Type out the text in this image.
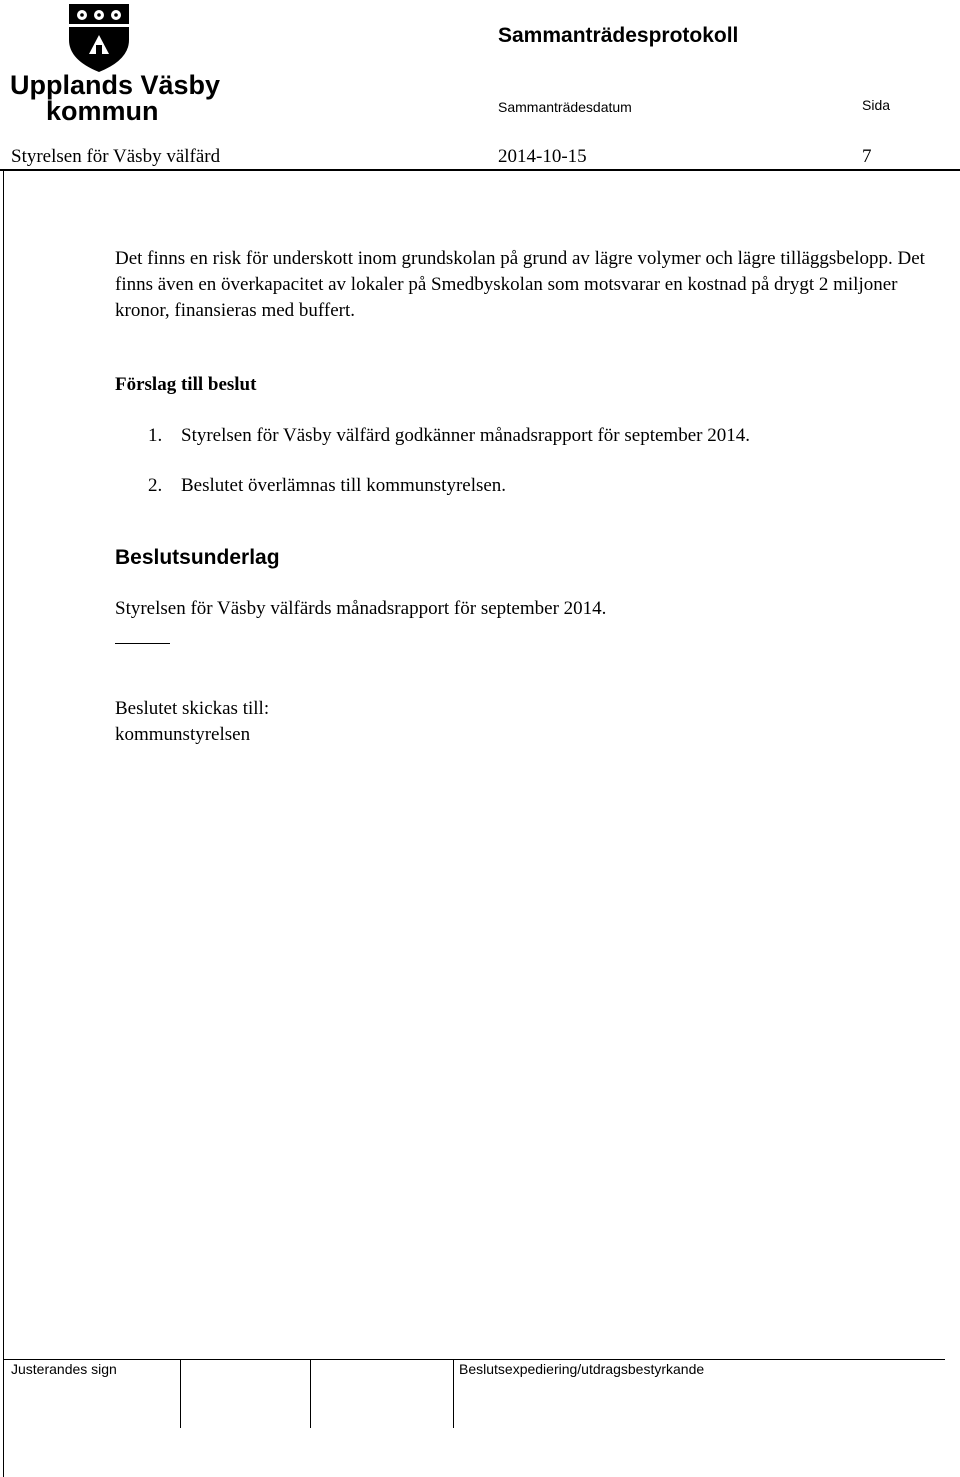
Upplands Väsby
kommun
Sammanträdesprotokoll
Sammanträdesdatum	Sida
Styrelsen för Väsby välfärd	2014-10-15	7
Det finns en risk för underskott inom grundskolan på grund av lägre volymer och lägre tilläggsbelopp. Det finns även en överkapacitet av lokaler på Smedbyskolan som motsvarar en kostnad på drygt 2 miljoner kronor, finansieras med buffert.
Förslag till beslut
1. Styrelsen för Väsby välfärd godkänner månadsrapport för september 2014.
2. Beslutet överlämnas till kommunstyrelsen.
Beslutsunderlag
Styrelsen för Väsby välfärds månadsrapport för september 2014.
Beslutet skickas till:
kommunstyrelsen
Justerandes sign	Beslutsexpediering/utdragsbestyrkande
